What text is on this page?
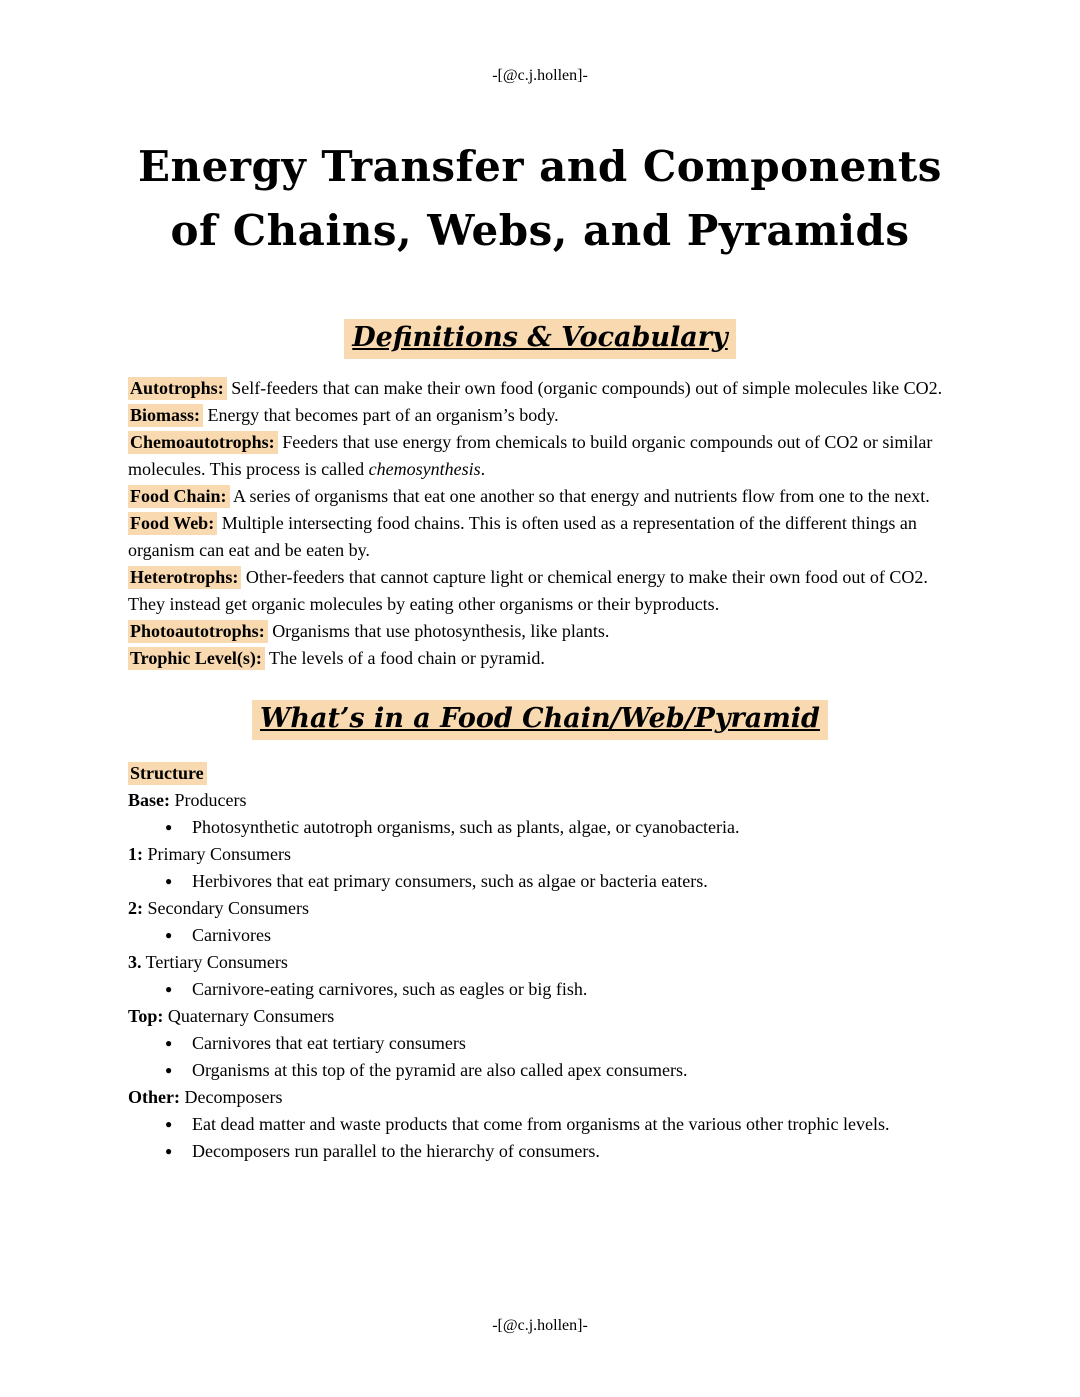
-[@c.j.hollen]-
Energy Transfer and Components
of Chains, Webs, and Pyramids
Definitions & Vocabulary
Autotrophs: Self-feeders that can make their own food (organic compounds) out of simple molecules like CO2.
Biomass: Energy that becomes part of an organism’s body.
Chemoautotrophs: Feeders that use energy from chemicals to build organic compounds out of CO2 or similar molecules. This process is called chemosynthesis.
Food Chain: A series of organisms that eat one another so that energy and nutrients flow from one to the next.
Food Web: Multiple intersecting food chains. This is often used as a representation of the different things an organism can eat and be eaten by.
Heterotrophs: Other-feeders that cannot capture light or chemical energy to make their own food out of CO2. They instead get organic molecules by eating other organisms or their byproducts.
Photoautotrophs: Organisms that use photosynthesis, like plants.
Trophic Level(s): The levels of a food chain or pyramid.
What’s in a Food Chain/Web/Pyramid
Structure
Base: Producers
●	Photosynthetic autotroph organisms, such as plants, algae, or cyanobacteria.
1: Primary Consumers
●	Herbivores that eat primary consumers, such as algae or bacteria eaters.
2: Secondary Consumers
●	Carnivores
3. Tertiary Consumers
●	Carnivore-eating carnivores, such as eagles or big fish.
Top: Quaternary Consumers
●	Carnivores that eat tertiary consumers
●	Organisms at this top of the pyramid are also called apex consumers.
Other: Decomposers
●	Eat dead matter and waste products that come from organisms at the various other trophic levels.
●	Decomposers run parallel to the hierarchy of consumers.
-[@c.j.hollen]-
